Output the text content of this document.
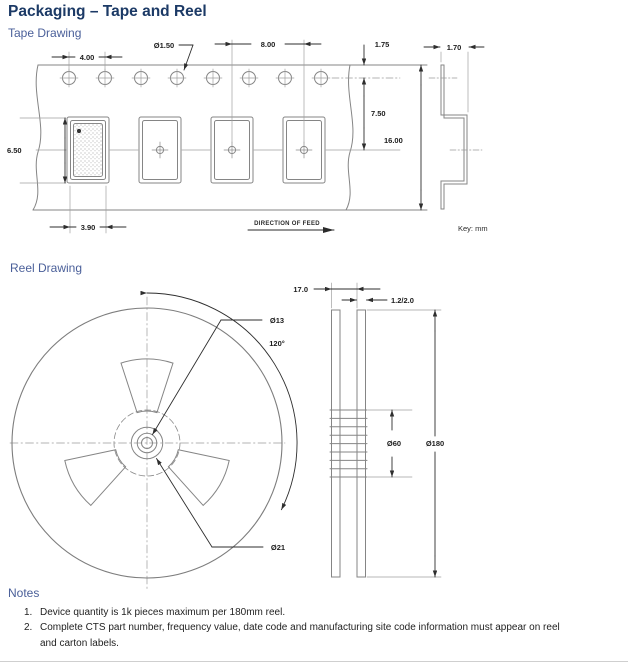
4.00
Ø1.50	8.00	1.75
7.50
16.00
6.50
3.90	DIRECTION OF FEED	Key: mm
1.70
120°
Ø13
Ø21
17.0
1.2/2.0
Ø60	Ø180
Packaging – Tape and Reel
Tape Drawing
Reel Drawing
Notes
1. Device quantity is 1k pieces maximum per 180mm reel.
2. Complete CTS part number, frequency value, date code and manufacturing site code information must appear on reel and carton labels.
